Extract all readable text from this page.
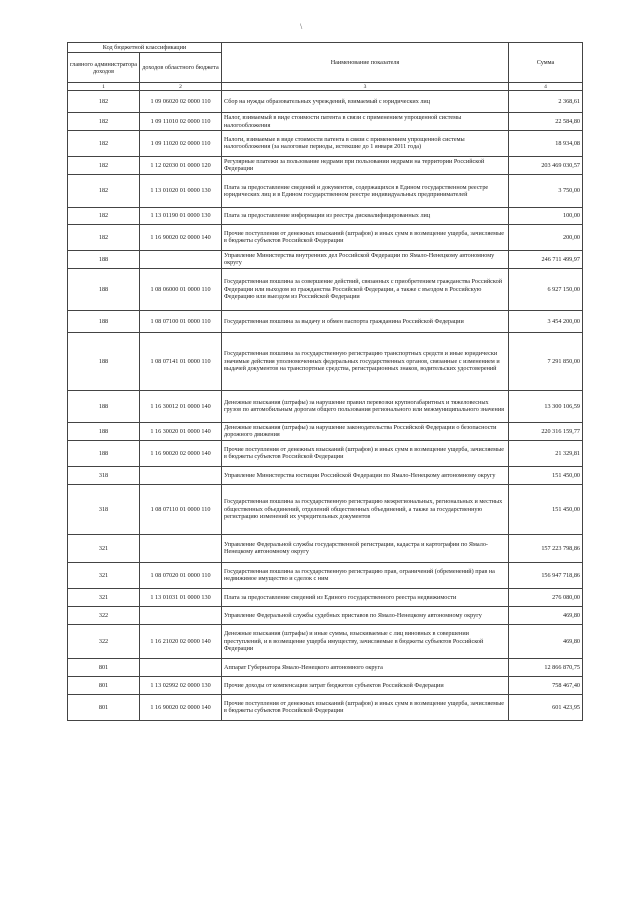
\
Код бюджетной классификации		Наименование показателя	Сумма
главного администратора доходов	доходов областного бюджета		
1	2	3	4
182	1 09 06020 02 0000 110	Сбор на нужды образовательных учреждений, взимаемый с юридических лиц	2 368,61
182	1 09 11010 02 0000 110	Налог, взимаемый в виде стоимости патента в связи с применением упрощенной системы налогообложения	22 584,80
182	1 09 11020 02 0000 110	Налоги, взимаемые в виде стоимости патента в связи с применением упрощенной системы налогообложения (за налоговые периоды, истекшие до 1 января 2011 года)	18 934,08
182	1 12 02030 01 0000 120	Регулярные платежи за пользование недрами при пользовании недрами на территории Российской Федерации	203 469 030,57
182	1 13 01020 01 0000 130	Плата за предоставление сведений и документов, содержащихся в Едином государственном реестре юридических лиц и в Едином государственном реестре индивидуальных предпринимателей	3 750,00
182	1 13 01190 01 0000 130	Плата за предоставление информации из реестра дисквалифицированных лиц	100,00
182	1 16 90020 02 0000 140	Прочие поступления от денежных взысканий (штрафов) и иных сумм в возмещение ущерба, зачисляемые в бюджеты субъектов Российской Федерации	200,00
188		Управление Министерства внутренних дел Российской Федерации по Ямало-Ненецкому автономному округу	246 711 499,97
188	1 08 06000 01 0000 110	Государственная пошлина за совершение действий, связанных с приобретением гражданства Российской Федерации или выходом из гражданства Российской Федерации, а также с въездом в Российскую Федерацию или выездом из Российской Федерации	6 927 150,00
188	1 08 07100 01 0000 110	Государственная пошлина за выдачу и обмен паспорта гражданина Российской Федерации	3 454 200,00
188	1 08 07141 01 0000 110	Государственная пошлина за государственную регистрацию транспортных средств и иные юридически значимые действия уполномоченных федеральных государственных органов, связанные с изменением и выдачей документов на транспортные средства, регистрационных знаков, водительских удостоверений	7 291 850,00
188	1 16 30012 01 0000 140	Денежные взыскания (штрафы) за нарушение правил перевозки крупногабаритных и тяжеловесных грузов по автомобильным дорогам общего пользования регионального или межмуниципального значения	13 300 106,59
188	1 16 30020 01 0000 140	Денежные взыскания (штрафы) за нарушение законодательства Российской Федерации о безопасности дорожного движения	220 316 159,77
188	1 16 90020 02 0000 140	Прочие поступления от денежных взысканий (штрафов) и иных сумм в возмещение ущерба, зачисляемые в бюджеты субъектов Российской Федерации	21 329,81
318		Управление Министерства юстиции Российской Федерации по Ямало-Ненецкому автономному округу	151 450,00
318	1 08 07110 01 0000 110	Государственная пошлина за государственную регистрацию межрегиональных, региональных и местных общественных объединений, отделений общественных объединений, а также за государственную регистрацию изменений их учредительных документов	151 450,00
321		Управление Федеральной службы государственной регистрации, кадастра и картографии по Ямало-Ненецкому автономному округу	157 223 798,86
321	1 08 07020 01 0000 110	Государственная пошлина за государственную регистрацию прав, ограничений (обременений) прав на недвижимое имущество и сделок с ним	156 947 718,86
321	1 13 01031 01 0000 130	Плата за предоставление сведений из Единого государственного реестра недвижимости	276 080,00
322		Управление Федеральной службы судебных приставов по Ямало-Ненецкому автономному округу	469,80
322	1 16 21020 02 0000 140	Денежные взыскания (штрафы) и иные суммы, взыскиваемые с лиц виновных в совершении преступлений, и в возмещение ущерба имуществу, зачисляемые в бюджеты субъектов Российской Федерации	469,80
801		Аппарат Губернатора Ямало-Ненецкого автономного округа	12 866 870,75
801	1 13 02992 02 0000 130	Прочие доходы от компенсации затрат бюджетов субъектов Российской Федерации	758 467,40
801	1 16 90020 02 0000 140	Прочие поступления от денежных взысканий (штрафов) и иных сумм в возмещение ущерба, зачисляемые в бюджеты субъектов Российской Федерации	601 423,95
